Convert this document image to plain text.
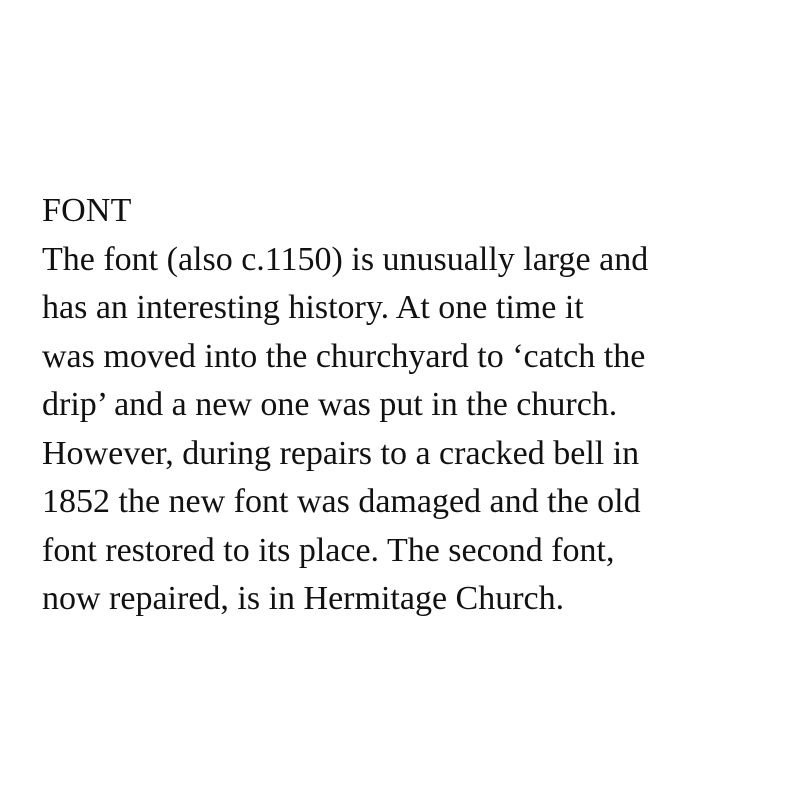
FONT
The font (also c.1150) is unusually large and
has an interesting history. At one time it
was moved into the churchyard to ‘catch the
drip’ and a new one was put in the church.
However, during repairs to a cracked bell in
1852 the new font was damaged and the old
font restored to its place. The second font,
now repaired, is in Hermitage Church.
